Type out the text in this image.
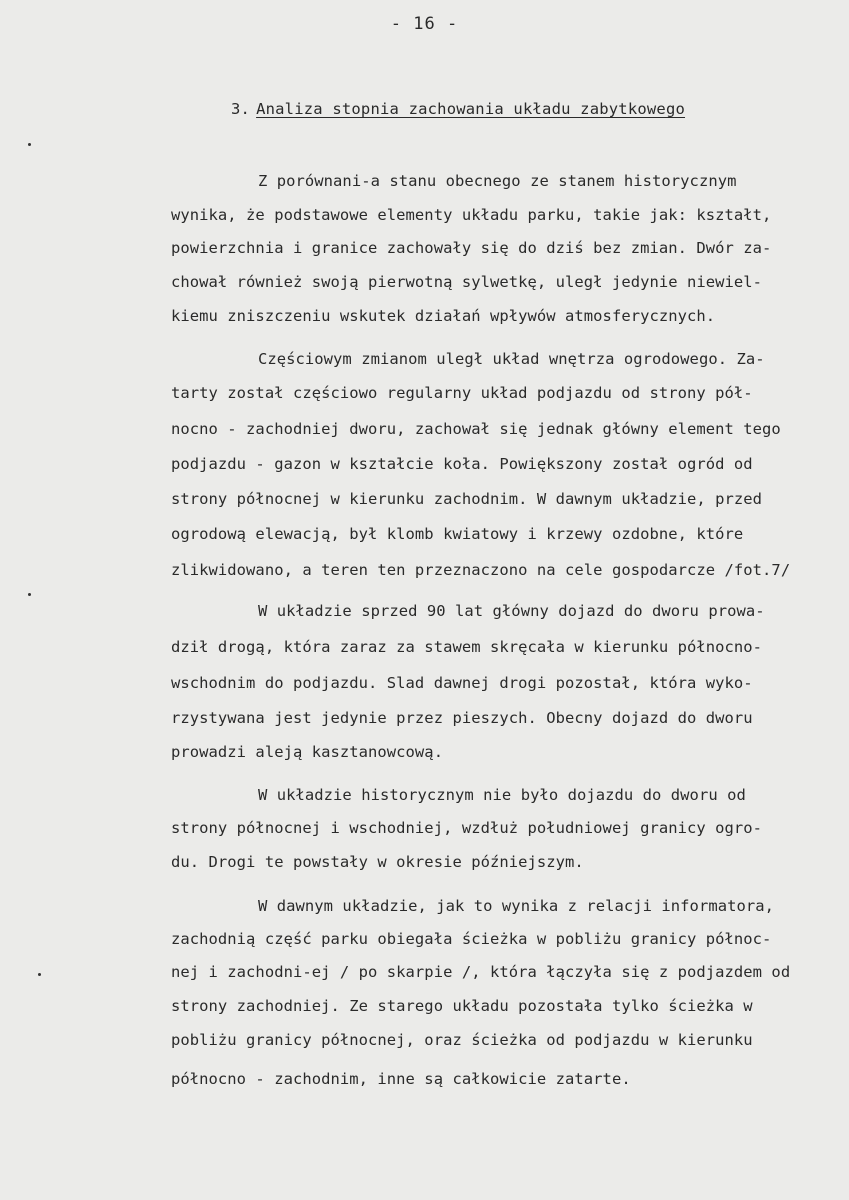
- 16 -
3. Analiza stopnia zachowania układu zabytkowego
Z porównani-a stanu obecnego ze stanem historycznym
wynika, że podstawowe elementy układu parku, takie jak: kształt,
powierzchnia i granice zachowały się do dziś bez zmian. Dwór za-
chował również swoją pierwotną sylwetkę, uległ jedynie niewiel-
kiemu zniszczeniu wskutek działań wpływów atmosferycznych.
Częściowym zmianom uległ układ wnętrza ogrodowego. Za-
tarty został częściowo regularny układ podjazdu od strony pół-
nocno - zachodniej dworu, zachował się jednak główny element tego
podjazdu - gazon w kształcie koła. Powiększony został ogród od
strony północnej w kierunku zachodnim. W dawnym układzie, przed
ogrodową elewacją, był klomb kwiatowy i krzewy ozdobne, które
zlikwidowano, a teren ten przeznaczono na cele gospodarcze /fot.7/
W układzie sprzed 90 lat główny dojazd do dworu prowa-
dził drogą, która zaraz za stawem skręcała w kierunku północno-
wschodnim do podjazdu. Slad dawnej drogi pozostał, która wyko-
rzystywana jest jedynie przez pieszych. Obecny dojazd do dworu
prowadzi aleją kasztanowcową.
W układzie historycznym nie było dojazdu do dworu od
strony północnej i wschodniej, wzdłuż południowej granicy ogro-
du. Drogi te powstały w okresie późniejszym.
W dawnym układzie, jak to wynika z relacji informatora,
zachodnią część parku obiegała ścieżka w pobliżu granicy północ-
nej i zachodni-ej / po skarpie /, która łączyła się z podjazdem od
strony zachodniej. Ze starego układu pozostała tylko ścieżka w
pobliżu granicy północnej, oraz ścieżka od podjazdu w kierunku
północno - zachodnim, inne są całkowicie zatarte.
